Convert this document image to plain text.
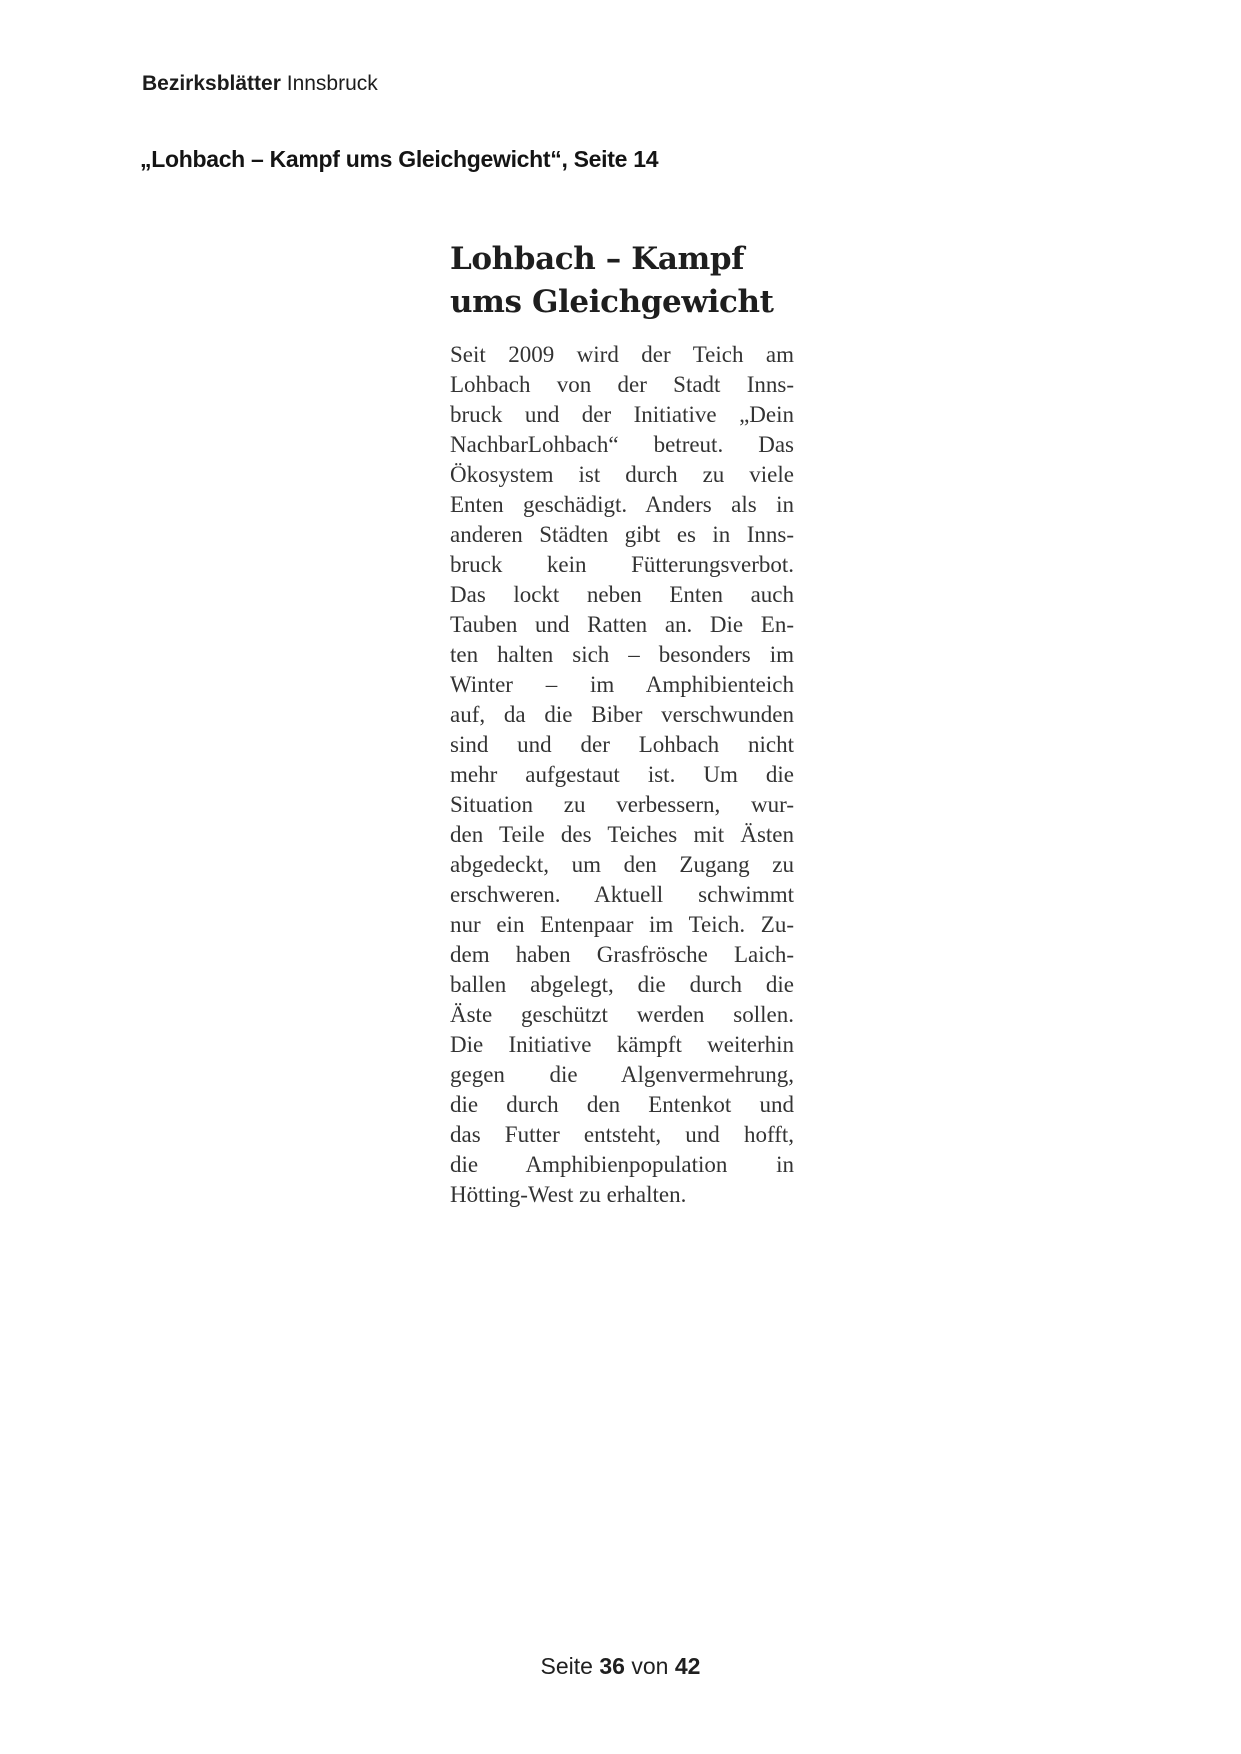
Bezirksblätter Innsbruck
„Lohbach – Kampf ums Gleichgewicht“, Seite 14
Lohbach – Kampf
ums Gleichgewicht
Seit 2009 wird der Teich am
Lohbach von der Stadt Inns-
bruck und der Initiative „Dein
NachbarLohbach“ betreut. Das
Ökosystem ist durch zu viele
Enten geschädigt. Anders als in
anderen Städten gibt es in Inns-
bruck kein Fütterungsverbot.
Das lockt neben Enten auch
Tauben und Ratten an. Die En-
ten halten sich – besonders im
Winter – im Amphibienteich
auf, da die Biber verschwunden
sind und der Lohbach nicht
mehr aufgestaut ist. Um die
Situation zu verbessern, wur-
den Teile des Teiches mit Ästen
abgedeckt, um den Zugang zu
erschweren. Aktuell schwimmt
nur ein Entenpaar im Teich. Zu-
dem haben Grasfrösche Laich-
ballen abgelegt, die durch die
Äste geschützt werden sollen.
Die Initiative kämpft weiterhin
gegen die Algenvermehrung,
die durch den Entenkot und
das Futter entsteht, und hofft,
die Amphibienpopulation in
Hötting-West zu erhalten.
Seite 36 von 42
